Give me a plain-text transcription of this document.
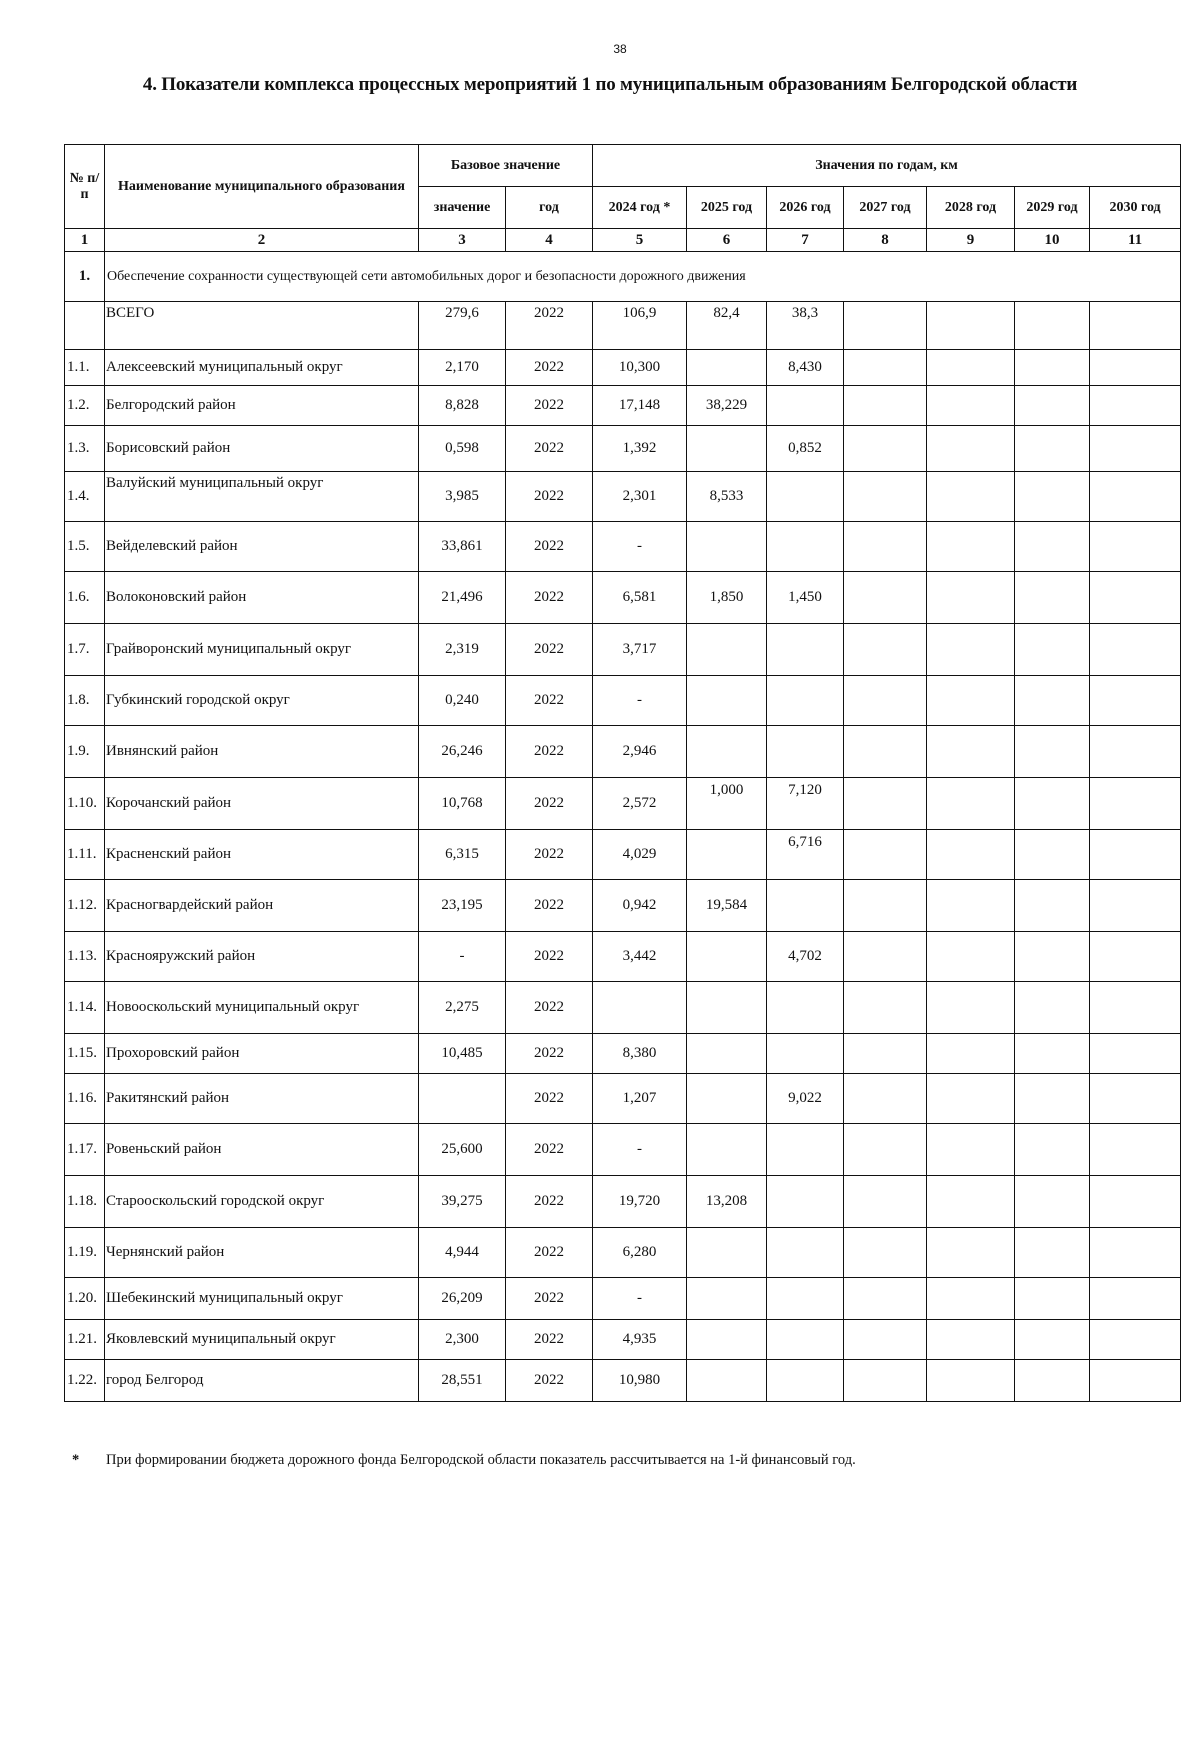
38
4. Показатели комплекса процессных мероприятий 1 по муниципальным образованиям Белгородской области
№ п/п	Наименование муниципального образования	Базовое значение		Значения по годам, км						
		значение	год	2024 год *	2025 год	2026 год	2027 год	2028 год	2029 год	2030 год
1	2	3	4	5	6	7	8	9	10	11
1.	Обеспечение сохранности существующей сети автомобильных дорог и безопасности дорожного движения									
	ВСЕГО	279,6	2022	106,9	82,4	38,3				
1.1.	Алексеевский муниципальный округ	2,170	2022	10,300		8,430				
1.2.	Белгородский район	8,828	2022	17,148	38,229					
1.3.	Борисовский район	0,598	2022	1,392		0,852				
1.4.	Валуйский муниципальный округ	3,985	2022	2,301	8,533					
1.5.	Вейделевский район	33,861	2022	-						
1.6.	Волоконовский район	21,496	2022	6,581	1,850	1,450				
1.7.	Грайворонский муниципальный округ	2,319	2022	3,717						
1.8.	Губкинский городской округ	0,240	2022	-						
1.9.	Ивнянский район	26,246	2022	2,946						
1.10.	Корочанский район	10,768	2022	2,572	1,000	7,120				
1.11.	Красненский район	6,315	2022	4,029		6,716				
1.12.	Красногвардейский район	23,195	2022	0,942	19,584					
1.13.	Краснояружский район	-	2022	3,442		4,702				
1.14.	Новооскольский муниципальный округ	2,275	2022							
1.15.	Прохоровский район	10,485	2022	8,380						
1.16.	Ракитянский район		2022	1,207		9,022				
1.17.	Ровеньский район	25,600	2022	-						
1.18.	Старооскольский городской округ	39,275	2022	19,720	13,208					
1.19.	Чернянский район	4,944	2022	6,280						
1.20.	Шебекинский муниципальный округ	26,209	2022	-						
1.21.	Яковлевский муниципальный округ	2,300	2022	4,935						
1.22.	город Белгород	28,551	2022	10,980						
* При формировании бюджета дорожного фонда Белгородской области показатель рассчитывается на 1-й финансовый год.
